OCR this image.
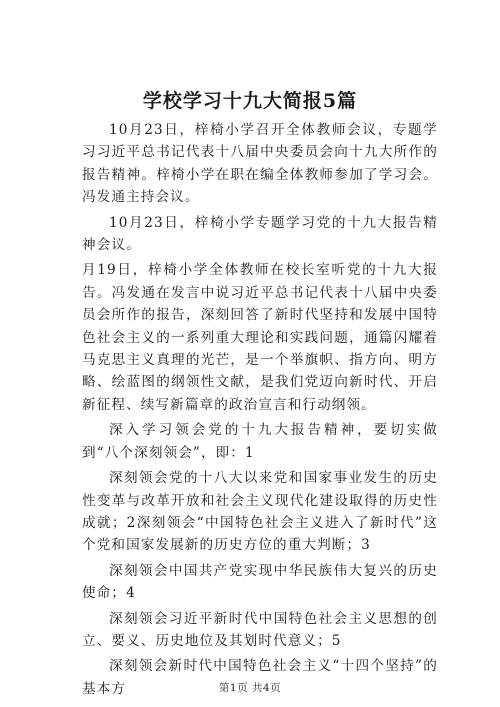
学校学习十九大简报5篇

10月23日，梓椅小学召开全体教师会议，专题学习习近平总书记代表十八届中央委员会向十九大所作的报告精神。梓椅小学在职在编全体教师参加了学习会。冯发通主持会议。

10月23日，梓椅小学专题学习党的十九大报告精神会议。

月19日，梓椅小学全体教师在校长室听党的十九大报告。冯发通在发言中说习近平总书记代表十八届中央委员会所作的报告，深刻回答了新时代坚持和发展中国特色社会主义的一系列重大理论和实践问题，通篇闪耀着马克思主义真理的光芒，是一个举旗帜、指方向、明方略、绘蓝图的纲领性文献，是我们党迈向新时代、开启新征程、续写新篇章的政治宣言和行动纲领。

深入学习领会党的十九大报告精神，要切实做到“八个深刻领会”，即：1

深刻领会党的十八大以来党和国家事业发生的历史性变革与改革开放和社会主义现代化建设取得的历史性成就；2深刻领会“中国特色社会主义进入了新时代”这个党和国家发展新的历史方位的重大判断；3

深刻领会中国共产党实现中华民族伟大复兴的历史使命；4

深刻领会习近平新时代中国特色社会主义思想的创立、要义、历史地位及其划时代意义；5

深刻领会新时代中国特色社会主义“十四个坚持”的基本方	第1页 共4页
